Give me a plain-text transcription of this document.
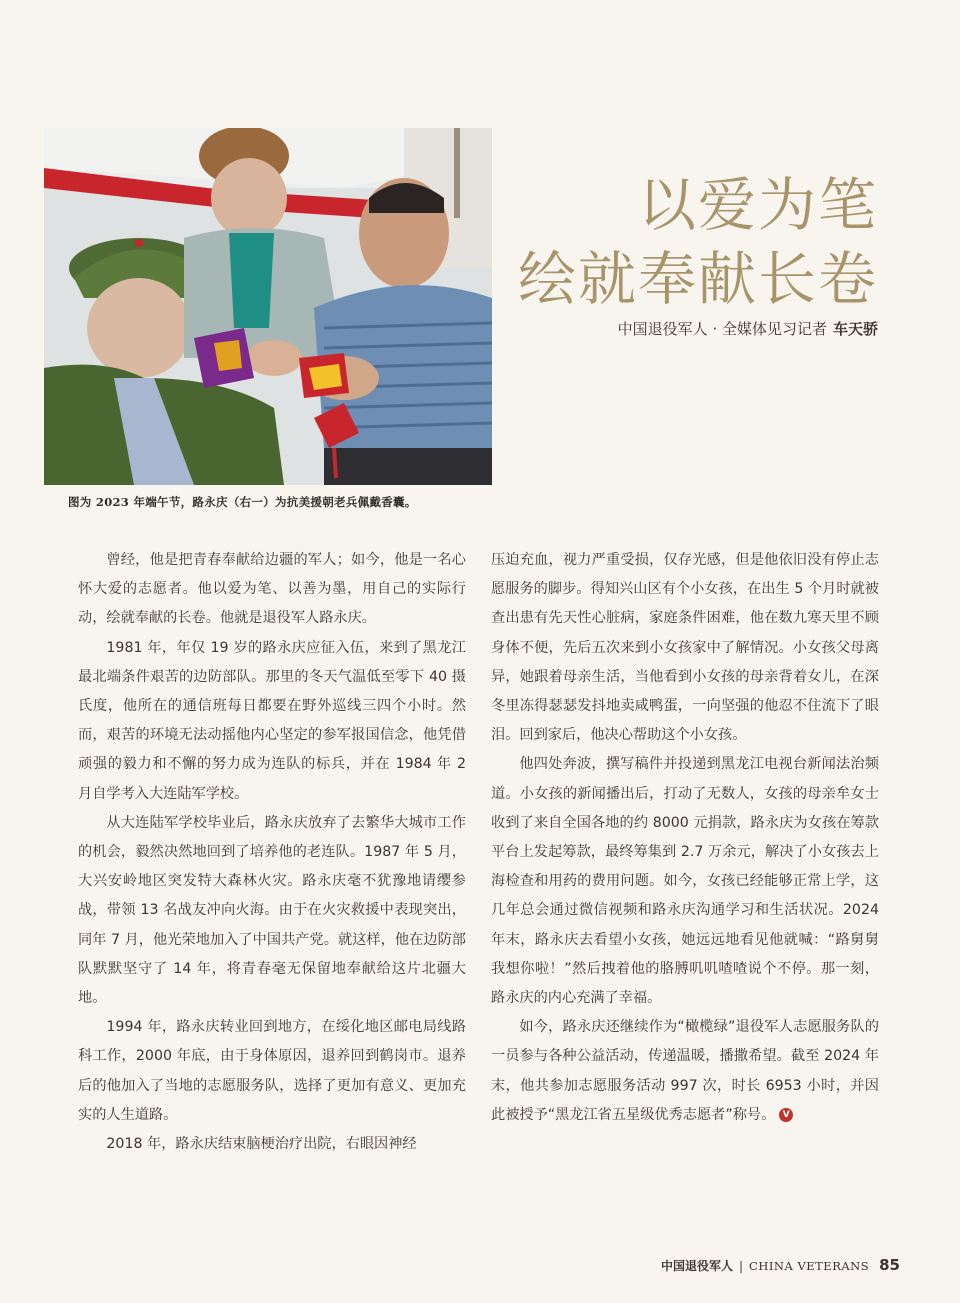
图为 2023 年端午节，路永庆（右一）为抗美援朝老兵佩戴香囊。
以爱为笔
绘就奉献长卷
中国退役军人 · 全媒体见习记者 车天骄

曾经，他是把青春奉献给边疆的军人；如今，他是一名心怀大爱的志愿者。他以爱为笔、以善为墨，用自己的实际行动，绘就奉献的长卷。他就是退役军人路永庆。

1981 年，年仅 19 岁的路永庆应征入伍，来到了黑龙江最北端条件艰苦的边防部队。那里的冬天气温低至零下 40 摄氏度，他所在的通信班每日都要在野外巡线三四个小时。然而，艰苦的环境无法动摇他内心坚定的参军报国信念，他凭借顽强的毅力和不懈的努力成为连队的标兵，并在 1984 年 2 月自学考入大连陆军学校。

从大连陆军学校毕业后，路永庆放弃了去繁华大城市工作的机会，毅然决然地回到了培养他的老连队。1987 年 5 月，大兴安岭地区突发特大森林火灾。路永庆毫不犹豫地请缨参战，带领 13 名战友冲向火海。由于在火灾救援中表现突出，同年 7 月，他光荣地加入了中国共产党。就这样，他在边防部队默默坚守了 14 年，将青春毫无保留地奉献给这片北疆大地。

1994 年，路永庆转业回到地方，在绥化地区邮电局线路科工作，2000 年底，由于身体原因，退养回到鹤岗市。退养后的他加入了当地的志愿服务队，选择了更加有意义、更加充实的人生道路。

2018 年，路永庆结束脑梗治疗出院，右眼因神经

压迫充血，视力严重受损，仅存光感，但是他依旧没有停止志愿服务的脚步。得知兴山区有个小女孩，在出生 5 个月时就被查出患有先天性心脏病，家庭条件困难，他在数九寒天里不顾身体不便，先后五次来到小女孩家中了解情况。小女孩父母离异，她跟着母亲生活，当他看到小女孩的母亲背着女儿，在深冬里冻得瑟瑟发抖地卖咸鸭蛋，一向坚强的他忍不住流下了眼泪。回到家后，他决心帮助这个小女孩。

他四处奔波，撰写稿件并投递到黑龙江电视台新闻法治频道。小女孩的新闻播出后，打动了无数人，女孩的母亲牟女士收到了来自全国各地的约 8000 元捐款，路永庆为女孩在筹款平台上发起筹款，最终筹集到 2.7 万余元，解决了小女孩去上海检查和用药的费用问题。如今，女孩已经能够正常上学，这几年总会通过微信视频和路永庆沟通学习和生活状况。2024 年末，路永庆去看望小女孩，她远远地看见他就喊：“路舅舅我想你啦！”然后拽着他的胳膊叽叽喳喳说个不停。那一刻，路永庆的内心充满了幸福。

如今，路永庆还继续作为“橄榄绿”退役军人志愿服务队的一员参与各种公益活动，传递温暖，播撒希望。截至 2024 年末，他共参加志愿服务活动 997 次，时长 6953 小时，并因此被授予“黑龙江省五星级优秀志愿者”称号。 V

中国退役军人 | CHINA VETERANS 85
